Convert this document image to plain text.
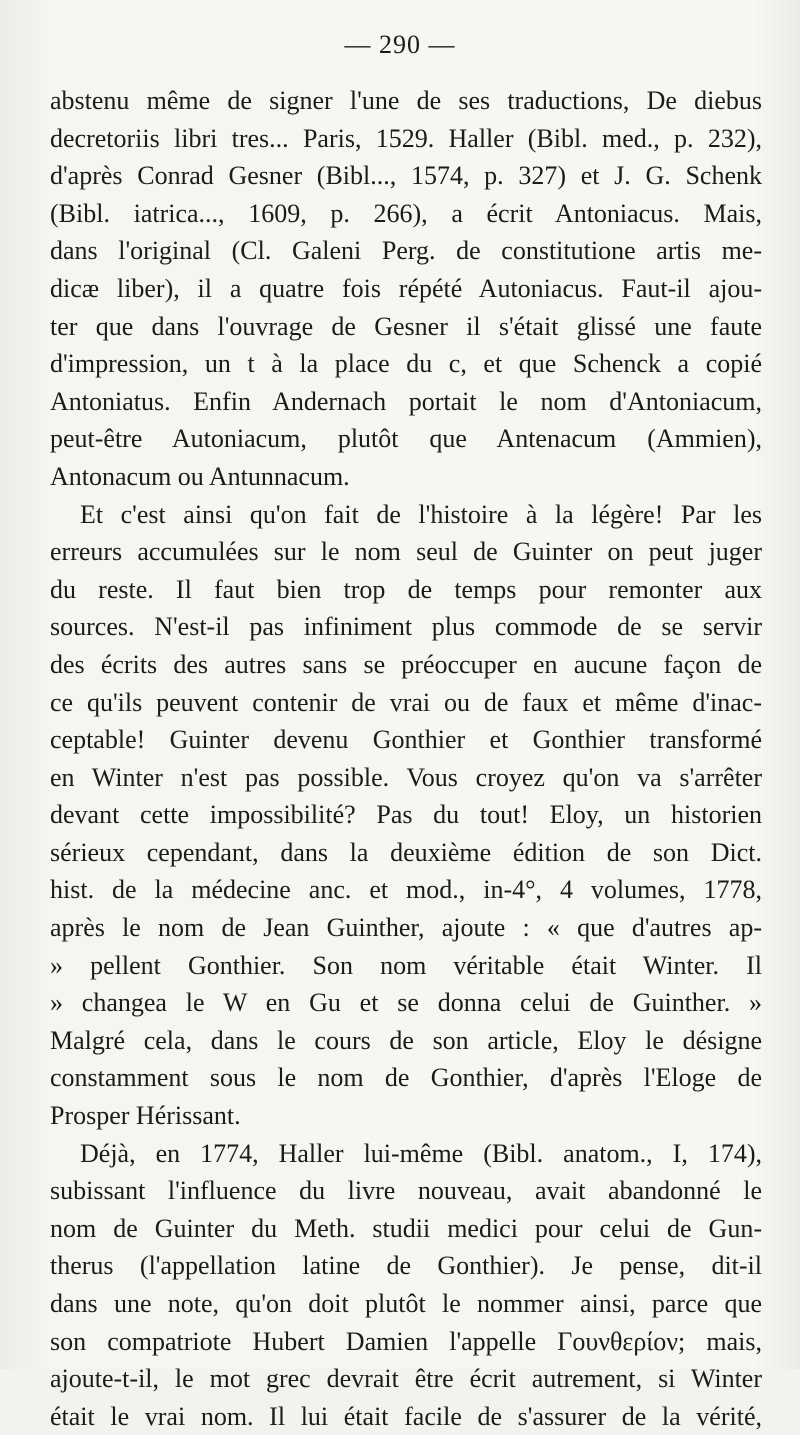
— 290 —
abstenu même de signer l'une de ses traductions, De diebus
decretoriis libri tres... Paris, 1529. Haller (Bibl. med., p. 232),
d'après Conrad Gesner (Bibl..., 1574, p. 327) et J. G. Schenk
(Bibl. iatrica..., 1609, p. 266), a écrit Antoniacus. Mais,
dans l'original (Cl. Galeni Perg. de constitutione artis me-
dicæ liber), il a quatre fois répété Autoniacus. Faut-il ajou-
ter que dans l'ouvrage de Gesner il s'était glissé une faute
d'impression, un t à la place du c, et que Schenck a copié
Antoniatus. Enfin Andernach portait le nom d'Antoniacum,
peut-être Autoniacum, plutôt que Antenacum (Ammien),
Antonacum ou Antunnacum.
Et c'est ainsi qu'on fait de l'histoire à la légère! Par les
erreurs accumulées sur le nom seul de Guinter on peut juger
du reste. Il faut bien trop de temps pour remonter aux
sources. N'est-il pas infiniment plus commode de se servir
des écrits des autres sans se préoccuper en aucune façon de
ce qu'ils peuvent contenir de vrai ou de faux et même d'inac-
ceptable! Guinter devenu Gonthier et Gonthier transformé
en Winter n'est pas possible. Vous croyez qu'on va s'arrêter
devant cette impossibilité? Pas du tout! Eloy, un historien
sérieux cependant, dans la deuxième édition de son Dict.
hist. de la médecine anc. et mod., in-4°, 4 volumes, 1778,
après le nom de Jean Guinther, ajoute : « que d'autres ap-
» pellent Gonthier. Son nom véritable était Winter. Il
» changea le W en Gu et se donna celui de Guinther. »
Malgré cela, dans le cours de son article, Eloy le désigne
constamment sous le nom de Gonthier, d'après l'Eloge de
Prosper Hérissant.
Déjà, en 1774, Haller lui-même (Bibl. anatom., I, 174),
subissant l'influence du livre nouveau, avait abandonné le
nom de Guinter du Meth. studii medici pour celui de Gun-
therus (l'appellation latine de Gonthier). Je pense, dit-il
dans une note, qu'on doit plutôt le nommer ainsi, parce que
son compatriote Hubert Damien l'appelle Γουνθερίον; mais,
ajoute-t-il, le mot grec devrait être écrit autrement, si Winter
était le vrai nom. Il lui était facile de s'assurer de la vérité,
